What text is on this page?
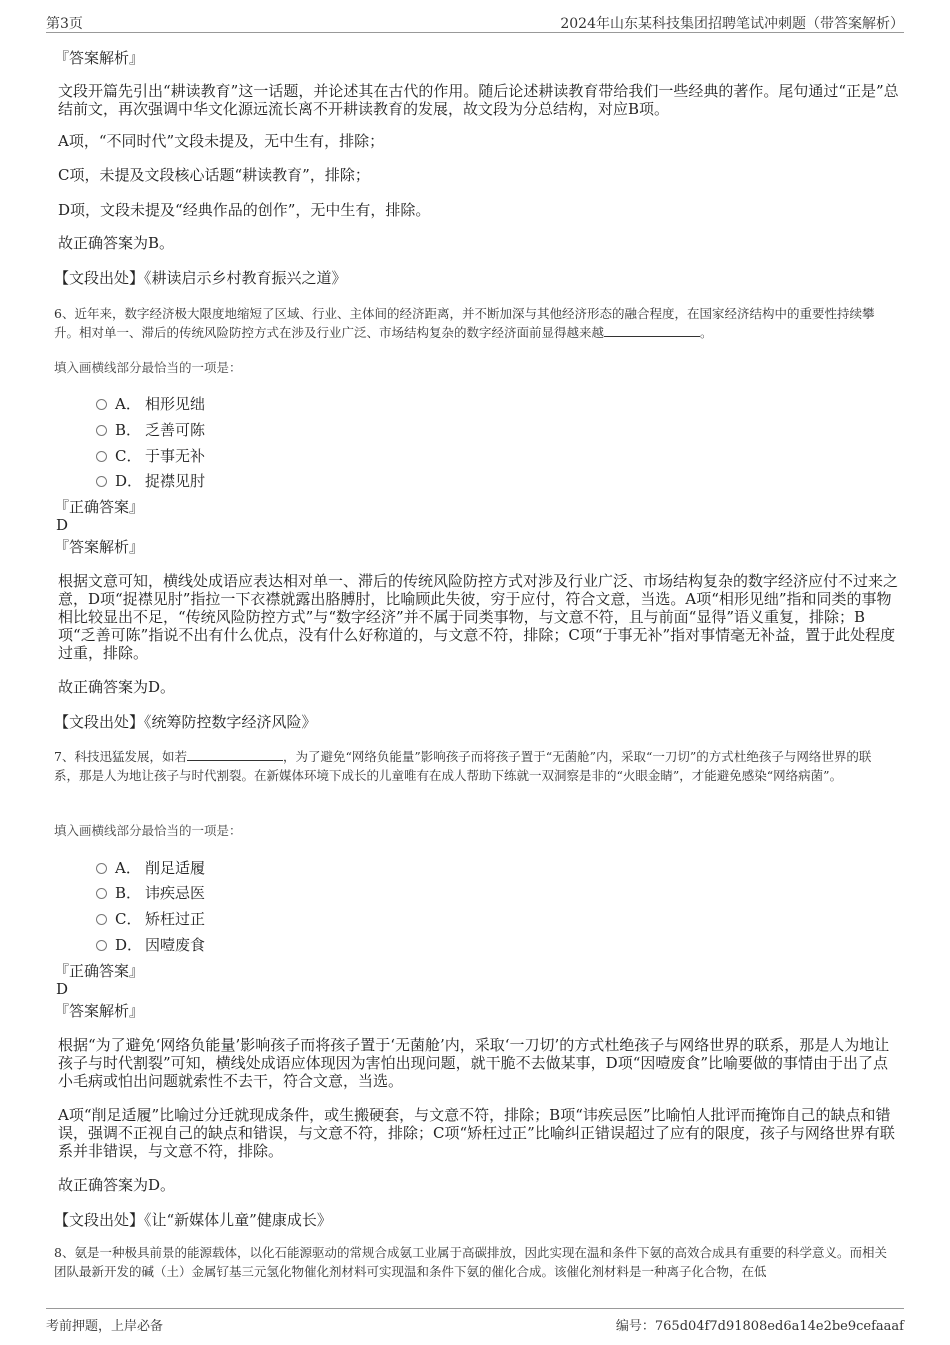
第3页	2024年山东某科技集团招聘笔试冲刺题（带答案解析）
『答案解析』
文段开篇先引出“耕读教育”这一话题，并论述其在古代的作用。随后论述耕读教育带给我们一些经典的著作。尾句通过“正是”总结前文，再次强调中华文化源远流长离不开耕读教育的发展，故文段为分总结构，对应B项。
A项，“不同时代”文段未提及，无中生有，排除；
C项，未提及文段核心话题“耕读教育”，排除；
D项，文段未提及“经典作品的创作”，无中生有，排除。
故正确答案为B。
【文段出处】《耕读启示乡村教育振兴之道》
6、近年来，数字经济极大限度地缩短了区域、行业、主体间的经济距离，并不断加深与其他经济形态的融合程度，在国家经济结构中的重要性持续攀升。相对单一、滞后的传统风险防控方式在涉及行业广泛、市场结构复杂的数字经济面前显得越来越	。
填入画横线部分最恰当的一项是：
A． 相形见绌
B． 乏善可陈
C． 于事无补
D． 捉襟见肘
『正确答案』
D
『答案解析』
根据文意可知，横线处成语应表达相对单一、滞后的传统风险防控方式对涉及行业广泛、市场结构复杂的数字经济应付不过来之意，D项“捉襟见肘”指拉一下衣襟就露出胳膊肘，比喻顾此失彼，穷于应付，符合文意，当选。A项“相形见绌”指和同类的事物相比较显出不足，“传统风险防控方式”与“数字经济”并不属于同类事物，与文意不符，且与前面“显得”语义重复，排除；B项“乏善可陈”指说不出有什么优点，没有什么好称道的，与文意不符，排除；C项“于事无补”指对事情毫无补益，置于此处程度过重，排除。
故正确答案为D。
【文段出处】《统筹防控数字经济风险》
7、科技迅猛发展，如若	，为了避免“网络负能量”影响孩子而将孩子置于“无菌舱”内，采取“一刀切”的方式杜绝孩子与网络世界的联系，那是人为地让孩子与时代割裂。在新媒体环境下成长的儿童唯有在成人帮助下练就一双洞察是非的“火眼金睛”，才能避免感染“网络病菌”。
填入画横线部分最恰当的一项是：
A． 削足适履
B． 讳疾忌医
C． 矫枉过正
D． 因噎废食
『正确答案』
D
『答案解析』
根据“为了避免‘网络负能量’影响孩子而将孩子置于‘无菌舱’内，采取‘一刀切’的方式杜绝孩子与网络世界的联系，那是人为地让孩子与时代割裂”可知，横线处成语应体现因为害怕出现问题，就干脆不去做某事，D项“因噎废食”比喻要做的事情由于出了点小毛病或怕出问题就索性不去干，符合文意，当选。
A项“削足适履”比喻过分迁就现成条件，或生搬硬套，与文意不符，排除；B项“讳疾忌医”比喻怕人批评而掩饰自己的缺点和错误，强调不正视自己的缺点和错误，与文意不符，排除；C项“矫枉过正”比喻纠正错误超过了应有的限度，孩子与网络世界有联系并非错误，与文意不符，排除。
故正确答案为D。
【文段出处】《让“新媒体儿童”健康成长》
8、氨是一种极具前景的能源载体，以化石能源驱动的常规合成氨工业属于高碳排放，因此实现在温和条件下氨的高效合成具有重要的科学意义。而相关团队最新开发的碱（土）金属钌基三元氢化物催化剂材料可实现温和条件下氨的催化合成。该催化剂材料是一种离子化合物，在低
考前押题，上岸必备	编号：765d04f7d91808ed6a14e2be9cefaaaf
